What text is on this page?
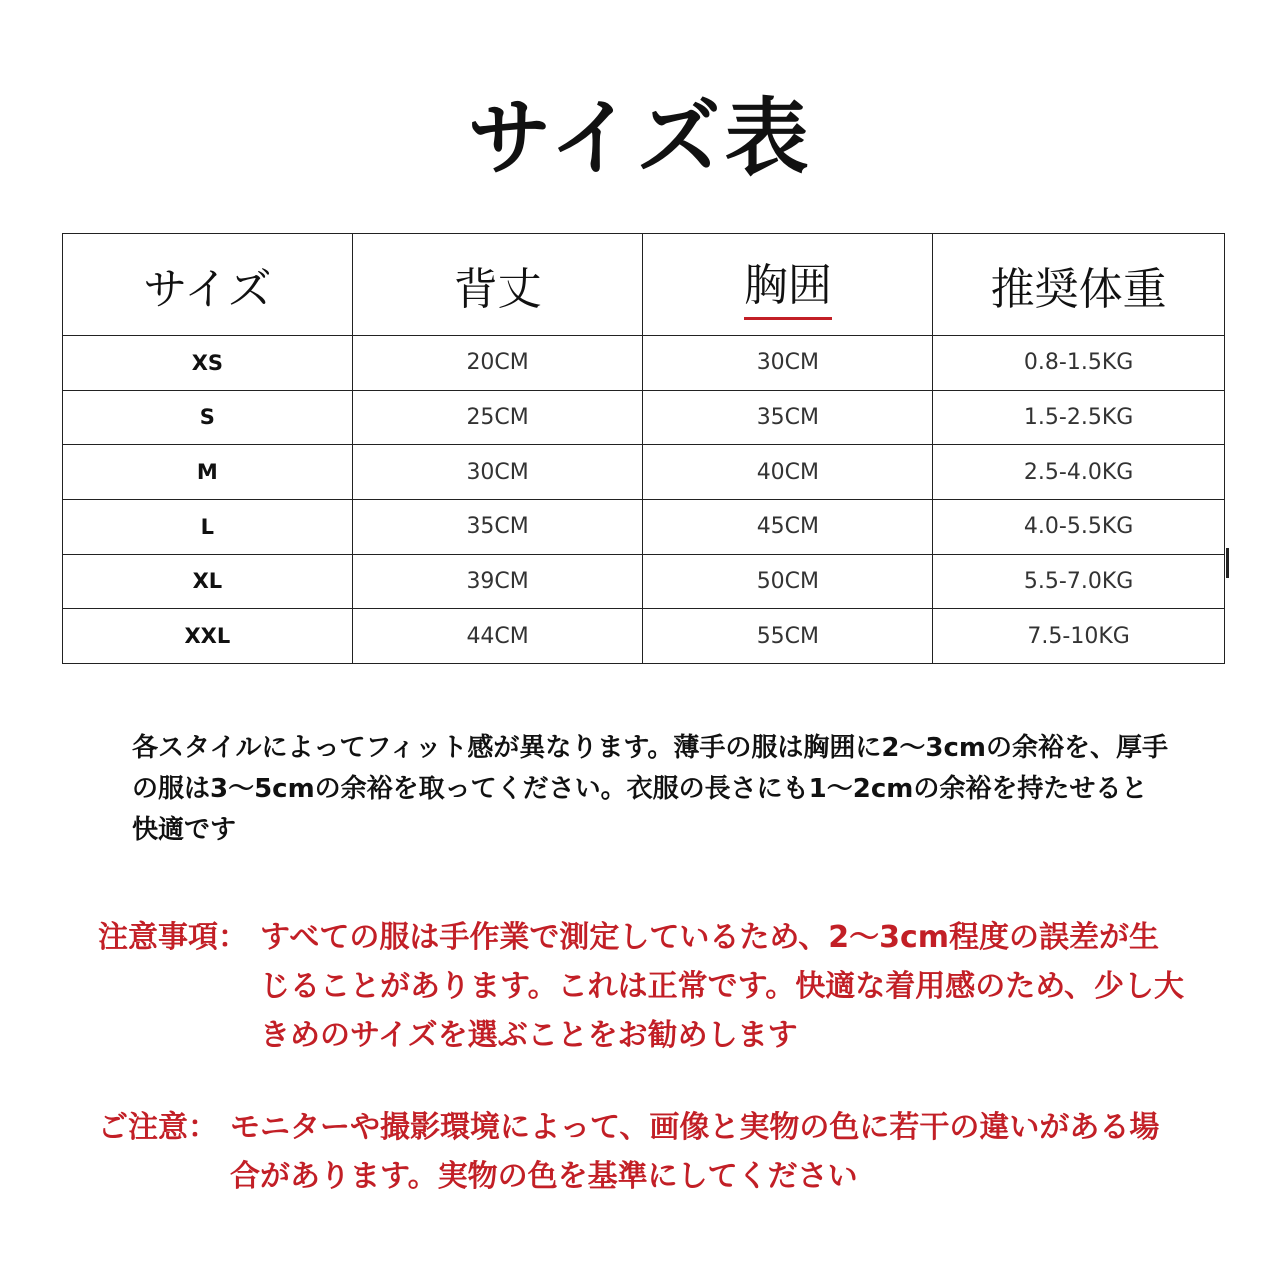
サイズ表
サイズ	背丈	胸囲	推奨体重
XS	20CM	30CM	0.8-1.5KG
S	25CM	35CM	1.5-2.5KG
M	30CM	40CM	2.5-4.0KG
L	35CM	45CM	4.0-5.5KG
XL	39CM	50CM	5.5-7.0KG
XXL	44CM	55CM	7.5-10KG
各スタイルによってフィット感が異なります。薄手の服は胸囲に2～3cmの余裕を、厚手の服は3～5cmの余裕を取ってください。衣服の長さにも1～2cmの余裕を持たせると快適です
注意事項： すべての服は手作業で測定しているため、2～3cm程度の誤差が生じることがあります。これは正常です。快適な着用感のため、少し大きめのサイズを選ぶことをお勧めします
ご注意： モニターや撮影環境によって、画像と実物の色に若干の違いがある場合があります。実物の色を基準にしてください
